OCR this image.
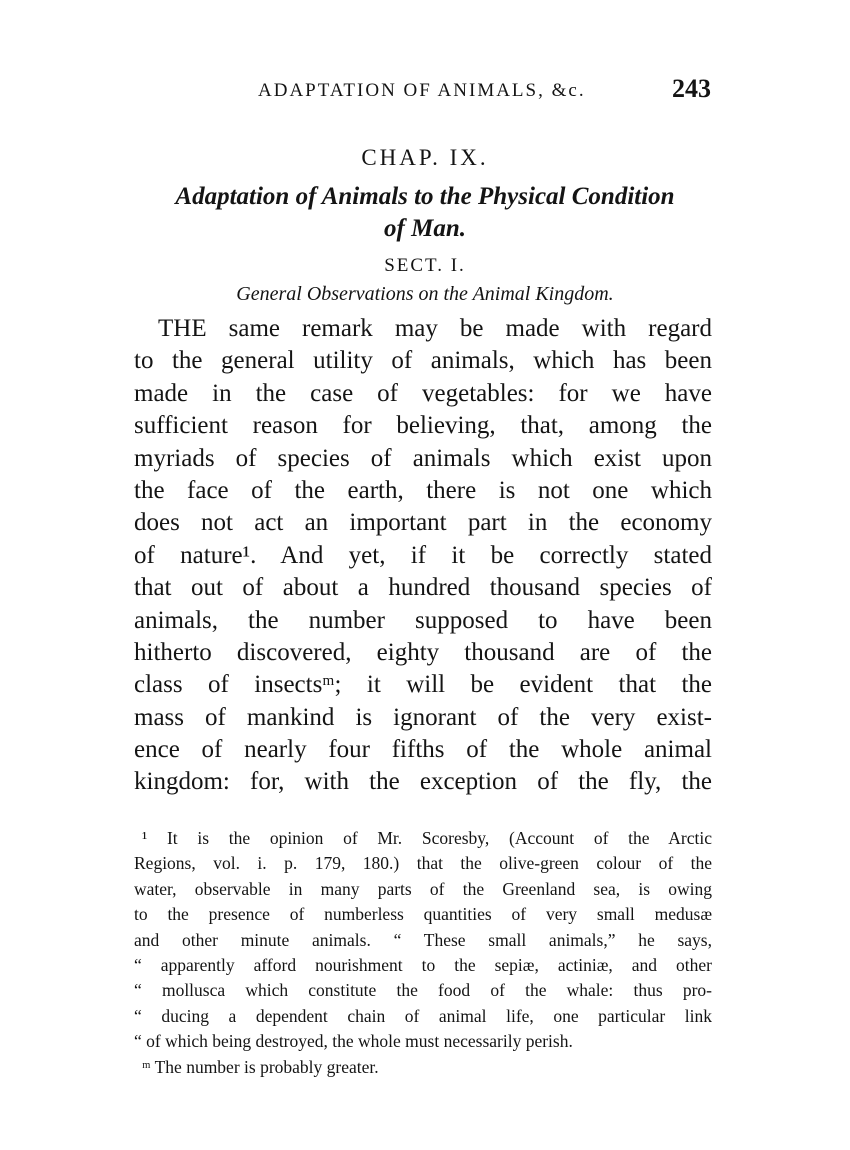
ADAPTATION OF ANIMALS, &c.	243
CHAP. IX.
Adaptation of Animals to the Physical Condition
of Man.
SECT. I.
General Observations on the Animal Kingdom.
THE same remark may be made with regard
to the general utility of animals, which has been
made in the case of vegetables: for we have
sufficient reason for believing, that, among the
myriads of species of animals which exist upon
the face of the earth, there is not one which
does not act an important part in the economy
of nature¹. And yet, if it be correctly stated
that out of about a hundred thousand species of
animals, the number supposed to have been
hitherto discovered, eighty thousand are of the
class of insectsᵐ; it will be evident that the
mass of mankind is ignorant of the very exist-
ence of nearly four fifths of the whole animal
kingdom: for, with the exception of the fly, the
¹ It is the opinion of Mr. Scoresby, (Account of the Arctic
Regions, vol. i. p. 179, 180.) that the olive-green colour of the
water, observable in many parts of the Greenland sea, is owing
to the presence of numberless quantities of very small medusæ
and other minute animals. “ These small animals,” he says,
“ apparently afford nourishment to the sepiæ, actiniæ, and other
“ mollusca which constitute the food of the whale: thus pro-
“ ducing a dependent chain of animal life, one particular link
“ of which being destroyed, the whole must necessarily perish.
ᵐ The number is probably greater.
